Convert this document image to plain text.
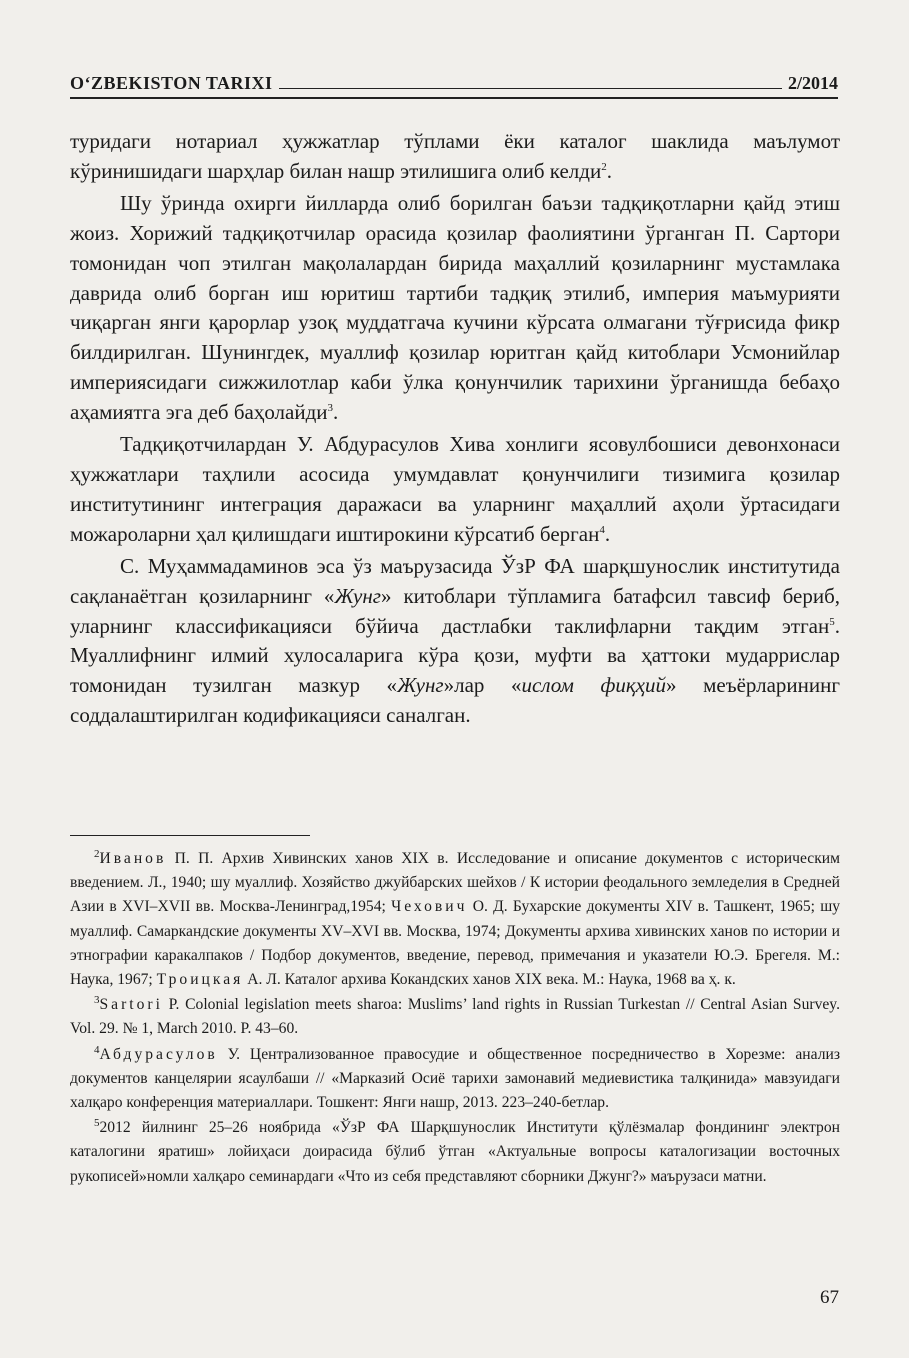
O‘ZBEKISTON TARIXI	2/2014

туридаги нотариал ҳужжатлар тўплами ёки каталог шаклида маълумот кўринишидаги шарҳлар билан нашр этилишига олиб келди$^2$.

Шу ўринда охирги йилларда олиб борилган баъзи тадқиқотларни қайд этиш жоиз. Хорижий тадқиқотчилар орасида қозилар фаолиятини ўрганган П. Сартори томонидан чоп этилган мақолалардан бирида маҳаллий қозиларнинг мустамлака даврида олиб борган иш юритиш тартиби тадқиқ этилиб, империя маъмурияти чиқарган янги қарорлар узоқ муддатгача кучини кўрсата олмагани тўғрисида фикр билдирилган. Шунингдек, муаллиф қозилар юритган қайд китоблари Усмонийлар империясидаги сижжилотлар каби ўлка қонунчилик тарихини ўрганишда бебаҳо аҳамиятга эга деб баҳолайди$^3$.

Тадқиқотчилардан У. Абдурасулов Хива хонлиги ясовулбошиси девонхонаси ҳужжатлари таҳлили асосида умумдавлат қонунчилиги тизимига қозилар институтининг интеграция даражаси ва уларнинг маҳаллий аҳоли ўртасидаги можароларни ҳал қилишдаги иштирокини кўрсатиб берган$^4$.

С. Муҳаммадаминов эса ўз маърузасида ЎзР ФА шарқшунослик институтида сақланаётган қозиларнинг «Жунг» китоблари тўпламига батафсил тавсиф бериб, уларнинг классификацияси бўйича дастлабки таклифларни тақдим этган$^5$. Муаллифнинг илмий хулосаларига кўра қози, муфти ва ҳаттоки мударрислар томонидан тузилган мазкур «Жунг»лар «ислом фиқҳий» меъёрларининг соддалаштирилган кодификацияси саналган.

$^2$Иванов П. П. Архив Хивинских ханов XIX в. Исследование и описание документов с историческим введением. Л., 1940; шу муаллиф. Хозяйство джуйбарских шейхов / К истории феодального земледелия в Средней Азии в XVI–XVII вв. Москва-Ленинград,1954; Чехович О. Д. Бухарские документы XIV в. Ташкент, 1965; шу муаллиф. Самаркандские документы XV–XVI вв. Москва, 1974; Документы архива хивинских ханов по истории и этнографии каракалпаков / Подбор документов, введение, перевод, примечания и указатели Ю.Э. Брегеля. М.: Наука, 1967; Троицкая А. Л. Каталог архива Кокандских ханов XIX века. М.: Наука, 1968 ва ҳ. к.

$^3$Sartori P. Colonial legislation meets sharoa: Muslims’ land rights in Russian Turkestan // Central Asian Survey. Vol. 29. № 1, March 2010. P. 43–60.

$^4$Абдурасулов У. Централизованное правосудие и общественное посредничество в Хорезме: анализ документов канцелярии ясаулбаши // «Марказий Осиё тарихи замонавий медиевистика талқинида» мавзуидаги халқаро конференция материаллари. Тошкент: Янги нашр, 2013. 223–240-бетлар.

$^5$2012 йилнинг 25–26 ноябрида «ЎзР ФА Шарқшунослик Институти қўлёзмалар фондининг электрон каталогини яратиш» лойиҳаси доирасида бўлиб ўтган «Актуальные вопросы каталогизации восточных рукописей»номли халқаро семинардаги «Что из себя представляют сборники Джунг?» маърузаси матни.

67
